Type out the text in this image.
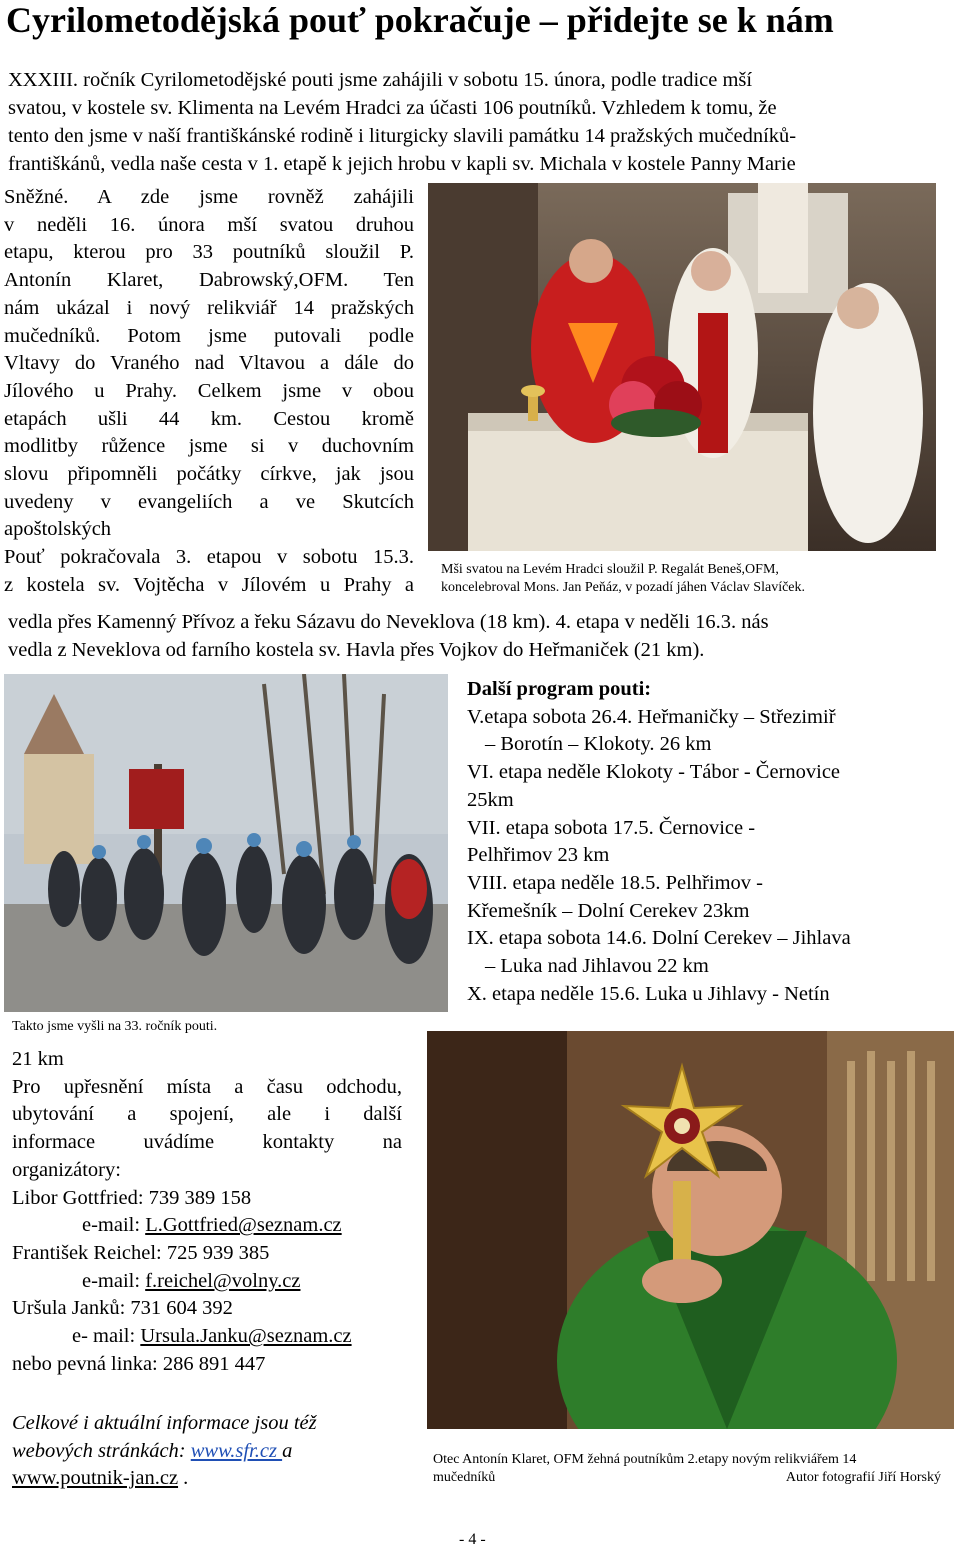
Cyrilometodějská pouť pokračuje – přidejte se k nám
XXXIII. ročník Cyrilometodějské pouti jsme zahájili v sobotu 15. února, podle tradice mší
svatou, v kostele sv. Klimenta na Levém Hradci za účasti 106 poutníků. Vzhledem k tomu, že
tento den jsme v naší františkánské rodině i liturgicky slavili památku 14 pražských mučedníků-
františkánů, vedla naše cesta v 1. etapě k jejich hrobu v kapli sv. Michala v kostele Panny Marie
Sněžné. A zde jsme rovněž zahájili
v neděli 16. února mší svatou druhou
etapu, kterou pro 33 poutníků sloužil P.
Antonín Klaret, Dabrowský,OFM. Ten
nám ukázal i nový relikviář 14 pražských
mučedníků. Potom jsme putovali podle
Vltavy do Vraného nad Vltavou a dále do
Jílového u Prahy. Celkem jsme v obou
etapách ušli 44 km. Cestou kromě
modlitby růžence jsme si v duchovním
slovu připomněli počátky církve, jak jsou
uvedeny v evangeliích a ve Skutcích
apoštolských
Pouť pokračovala 3. etapou v sobotu 15.3.
z kostela sv. Vojtěcha v Jílovém u Prahy a
Mši svatou na Levém Hradci sloužil P. Regalát Beneš,OFM,
koncelebroval Mons. Jan Peňáz, v pozadí jáhen Václav Slavíček.
vedla přes Kamenný Přívoz a řeku Sázavu do Neveklova (18 km). 4. etapa v neděli 16.3. nás
vedla z Neveklova od farního kostela sv. Havla přes Vojkov do Heřmaniček (21 km).
Takto jsme vyšli na 33. ročník pouti.
Další program pouti:
V.etapa sobota 26.4. Heřmaničky – Střezimiř
– Borotín – Klokoty. 26 km
VI. etapa neděle Klokoty - Tábor - Černovice
25km
VII. etapa sobota 17.5. Černovice -
Pelhřimov 23 km
VIII. etapa neděle 18.5. Pelhřimov -
Křemešník – Dolní Cerekev 23km
IX. etapa sobota 14.6. Dolní Cerekev – Jihlava
– Luka nad Jihlavou 22 km
X. etapa neděle 15.6. Luka u Jihlavy - Netín
21 km
Pro upřesnění místa a času odchodu,
ubytování a spojení, ale i další
informace uvádíme kontakty na
organizátory:
Libor Gottfried: 739 389 158
e-mail: L.Gottfried@seznam.cz
František Reichel: 725 939 385
e-mail: f.reichel@volny.cz
Uršula Janků: 731 604 392
e- mail: Ursula.Janku@seznam.cz
nebo pevná linka: 286 891 447
Celkové i aktuální informace jsou též
webových stránkách: www.sfr.cz a
www.poutnik-jan.cz .
Otec Antonín Klaret, OFM žehná poutníkům 2.etapy novým relikviářem 14
mučedníků	Autor fotografií Jiří Horský
- 4 -
